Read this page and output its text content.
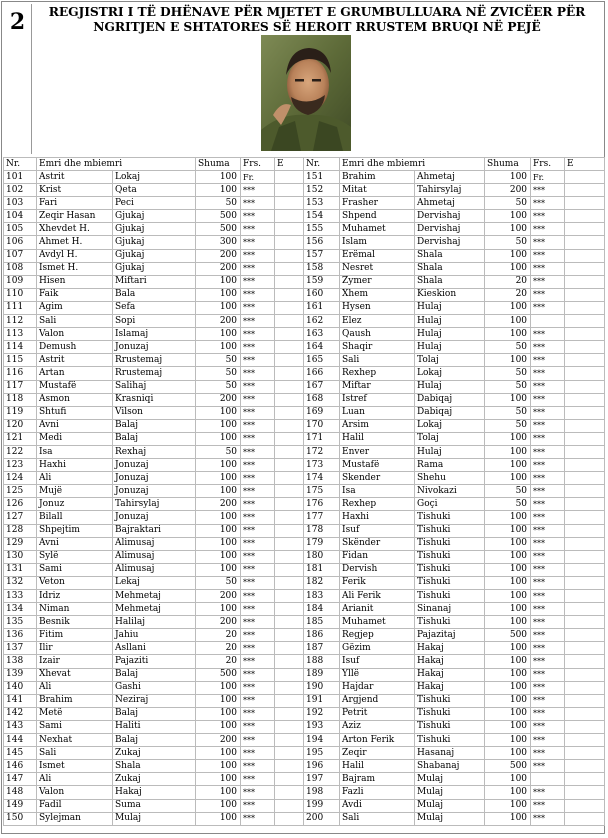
2	REGJISTRI I TË DHËNAVE PËR MJETET E GRUMBULLUARA NË ZVICËER PËR NGRITJEN E SHTATORES SË HEROIT RRUSTEM BRUQI NË PEJË
Nr.	Emri dhe mbiemri		Shuma	Frs.	E	Nr.	Emri dhe mbiemri		Shuma	Frs.	E
101	Astrit	Lokaj	100	Fr.		151	Brahim	Ahmetaj	100	Fr.	
102	Krist	Qeta	100	***		152	Mitat	Tahirsylaj	200	***	
103	Fari	Peci	50	***		153	Frasher	Ahmetaj	50	***	
104	Zeqir Hasan	Gjukaj	500	***		154	Shpend	Dervishaj	100	***	
105	Xhevdet H.	Gjukaj	500	***		155	Muhamet	Dervishaj	100	***	
106	Ahmet H.	Gjukaj	300	***		156	Islam	Dervishaj	50	***	
107	Avdyl H.	Gjukaj	200	***		157	Erëmal	Shala	100	***	
108	Ismet H.	Gjukaj	200	***		158	Nesret	Shala	100	***	
109	Hisen	Miftari	100	***		159	Zymer	Shala	20	***	
110	Faik	Bala	100	***		160	Xhem	Kieskion	20	***	
111	Agim	Sefa	100	***		161	Hysen	Hulaj	100	***	
112	Sali	Sopi	200	***		162	Elez	Hulaj	100		
113	Valon	Islamaj	100	***		163	Qaush	Hulaj	100	***	
114	Demush	Jonuzaj	100	***		164	Shaqir	Hulaj	50	***	
115	Astrit	Rrustemaj	50	***		165	Sali	Tolaj	100	***	
116	Artan	Rrustemaj	50	***		166	Rexhep	Lokaj	50	***	
117	Mustafë	Salihaj	50	***		167	Miftar	Hulaj	50	***	
118	Asmon	Krasniqi	200	***		168	Istref	Dabiqaj	100	***	
119	Shtufi	Vilson	100	***		169	Luan	Dabiqaj	50	***	
120	Avni	Balaj	100	***		170	Arsim	Lokaj	50	***	
121	Medi	Balaj	100	***		171	Halil	Tolaj	100	***	
122	Isa	Rexhaj	50	***		172	Enver	Hulaj	100	***	
123	Haxhi	Jonuzaj	100	***		173	Mustafë	Rama	100	***	
124	Ali	Jonuzaj	100	***		174	Skender	Shehu	100	***	
125	Mujë	Jonuzaj	100	***		175	Isa	Nivokazi	50	***	
126	Jonuz	Tahirsylaj	200	***		176	Rexhep	Goçi	50	***	
127	Bilall	Jonuzaj	100	***		177	Haxhi	Tishuki	100	***	
128	Shpejtim	Bajraktari	100	***		178	Isuf	Tishuki	100	***	
129	Avni	Alimusaj	100	***		179	Skënder	Tishuki	100	***	
130	Sylë	Alimusaj	100	***		180	Fidan	Tishuki	100	***	
131	Sami	Alimusaj	100	***		181	Dervish	Tishuki	100	***	
132	Veton	Lekaj	50	***		182	Ferik	Tishuki	100	***	
133	Idriz	Mehmetaj	200	***		183	Ali Ferik	Tishuki	100	***	
134	Niman	Mehmetaj	100	***		184	Arianit	Sinanaj	100	***	
135	Besnik	Halilaj	200	***		185	Muhamet	Tishuki	100	***	
136	Fitim	Jahiu	20	***		186	Regjep	Pajazitaj	500	***	
137	Ilir	Asllani	20	***		187	Gëzim	Hakaj	100	***	
138	Izair	Pajaziti	20	***		188	Isuf	Hakaj	100	***	
139	Xhevat	Balaj	500	***		189	Yllë	Hakaj	100	***	
140	Ali	Gashi	100	***		190	Hajdar	Hakaj	100	***	
141	Brahim	Neziraj	100	***		191	Argjend	Tishuki	100	***	
142	Metë	Balaj	100	***		192	Petrit	Tishuki	100	***	
143	Sami	Haliti	100	***		193	Aziz	Tishuki	100	***	
144	Nexhat	Balaj	200	***		194	Arton Ferik	Tishuki	100	***	
145	Sali	Zukaj	100	***		195	Zeqir	Hasanaj	100	***	
146	Ismet	Shala	100	***		196	Halil	Shabanaj	500	***	
147	Ali	Zukaj	100	***		197	Bajram	Mulaj	100		
148	Valon	Hakaj	100	***		198	Fazli	Mulaj	100	***	
149	Fadil	Suma	100	***		199	Avdi	Mulaj	100	***	
150	Sylejman	Mulaj	100	***		200	Sali	Mulaj	100	***	
